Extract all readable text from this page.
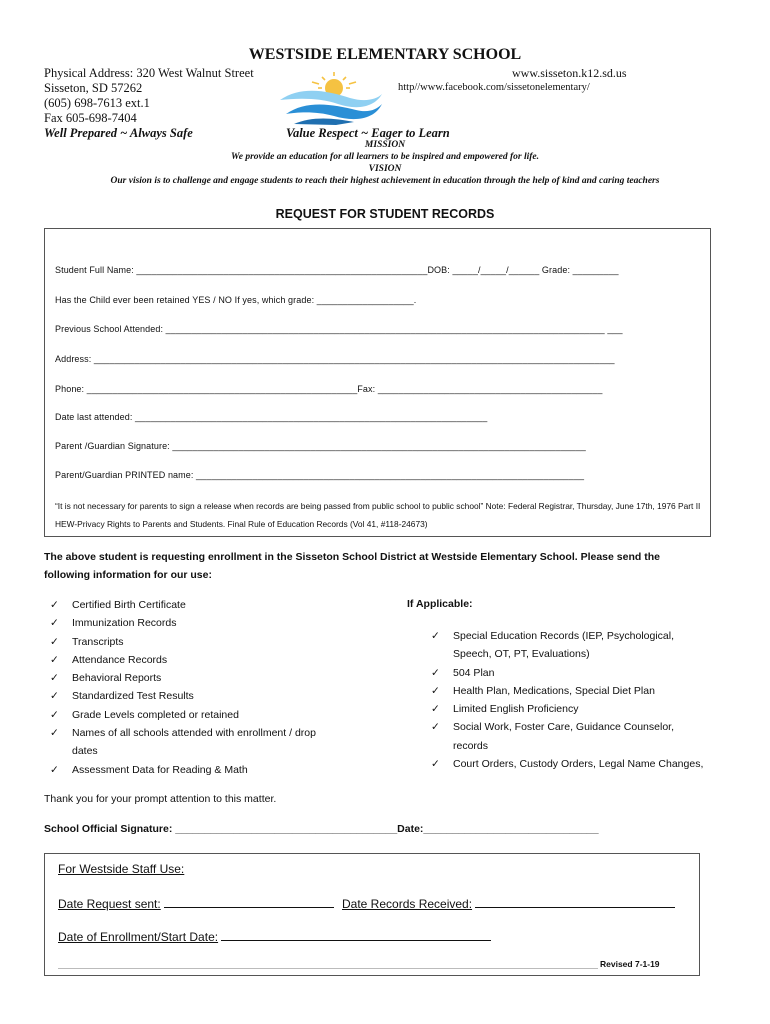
WESTSIDE ELEMENTARY SCHOOL
Physical Address: 320 West Walnut Street
Sisseton, SD 57262
(605) 698-7613 ext.1
Fax 605-698-7404
Well Prepared ~ Always Safe
www.sisseton.k12.sd.us
http//www.facebook.com/sissetonelementary/
Value Respect ~ Eager to Learn
MISSION
We provide an education for all learners to be inspired and empowered for life.
VISION
Our vision is to challenge and engage students to reach their highest achievement in education through the help of kind and caring teachers
REQUEST FOR STUDENT RECORDS
Student Full Name: _________________________________________________________DOB: _____/_____/______ Grade: _________
Has the Child ever been retained YES / NO If yes, which grade: ___________________.
Previous School Attended: ______________________________________________________________________________________ ___
Address: ______________________________________________________________________________________________________
Phone: _____________________________________________________Fax: ____________________________________________
Date last attended: _____________________________________________________________________
Parent /Guardian Signature: _________________________________________________________________________________
Parent/Guardian PRINTED name: ____________________________________________________________________________
“It is not necessary for parents to sign a release when records are being passed from public school to public school” Note: Federal Registrar, Thursday, June 17th, 1976 Part II HEW-Privacy Rights to Parents and Students. Final Rule of Education Records (Vol 41, #118-24673)
The above student is requesting enrollment in the Sisseton School District at Westside Elementary School. Please send the following information for our use:
✓ Certified Birth Certificate
✓ Immunization Records
✓ Transcripts
✓ Attendance Records
✓ Behavioral Reports
✓ Standardized Test Results
✓ Grade Levels completed or retained
✓ Names of all schools attended with enrollment / drop
dates
✓ Assessment Data for Reading & Math
If Applicable:
✓ Special Education Records (IEP, Psychological,
Speech, OT, PT, Evaluations)
✓ 504 Plan
✓ Health Plan, Medications, Special Diet Plan
✓ Limited English Proficiency
✓ Social Work, Foster Care, Guidance Counselor,
records
✓ Court Orders, Custody Orders, Legal Name Changes,
Thank you for your prompt attention to this matter.
School Official Signature: ______________________________________Date:______________________________
For Westside Staff Use:
Date Request sent:	Date Records Received:
Date of Enrollment/Start Date:
Revised 7-1-19
